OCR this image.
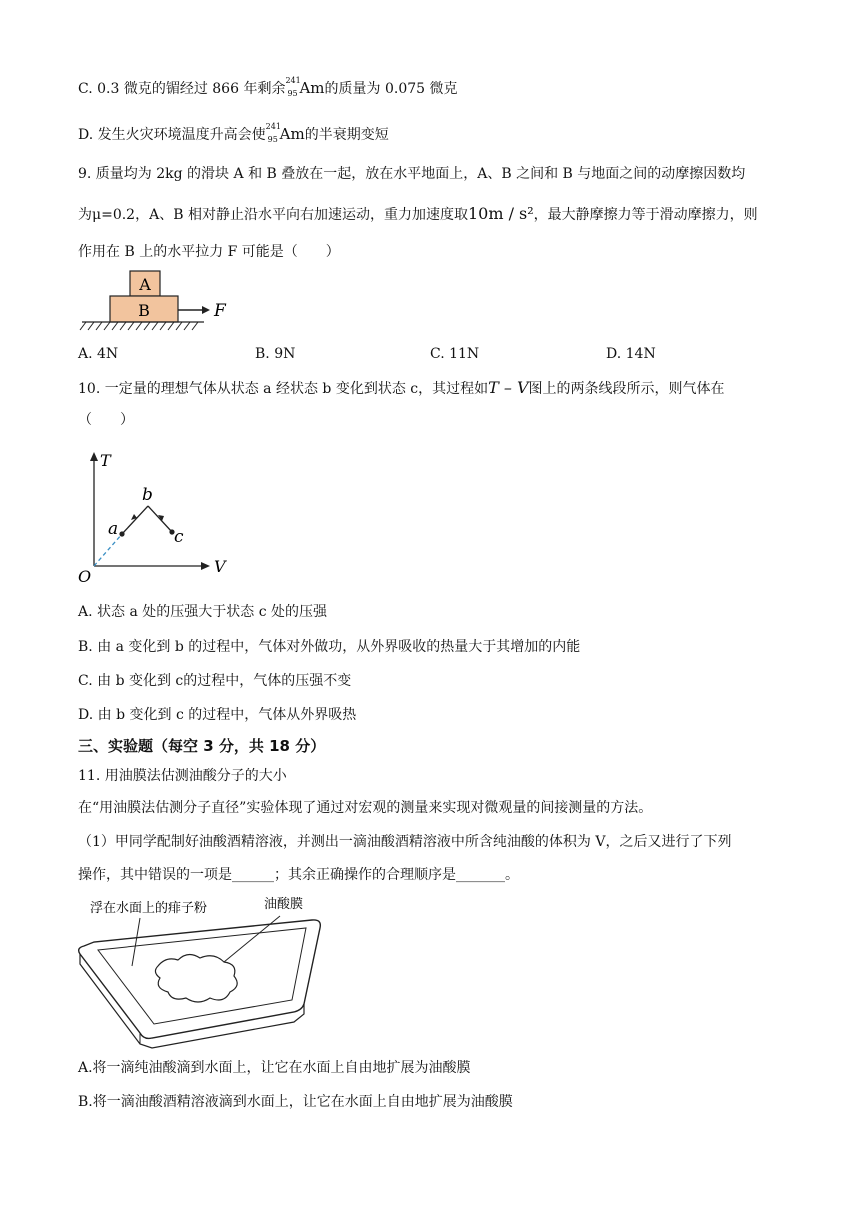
C. 0.3 微克的镅经过 866 年剩余
241
95 Am的质量为 0.075 微克
D. 发生火灾环境温度升高会使
241
95 Am的半衰期变短
9. 质量均为 2kg 的滑块 A 和 B 叠放在一起，放在水平地面上，A、B 之间和 B 与地面之间的动摩擦因数均
为μ=0.2，A、B 相对静止沿水平向右加速运动，重力加速度取10m / s²，最大静摩擦力等于滑动摩擦力，则
作用在 B 上的水平拉力 F 可能是（　　）
A
B	F
A. 4N	B. 9N	C. 11N	D. 14N
10. 一定量的理想气体从状态 a 经状态 b 变化到状态 c，其过程如T – V图上的两条线段所示，则气体在
（　　）
T
V
O
a
b
c
A. 状态 a 处的压强大于状态 c 处的压强
B. 由 a 变化到 b 的过程中，气体对外做功，从外界吸收的热量大于其增加的内能
C. 由 b 变化到 c的过程中，气体的压强不变
D. 由 b 变化到 c 的过程中，气体从外界吸热
三、实验题（每空 3 分，共 18 分）
11. 用油膜法估测油酸分子的大小
在“用油膜法估测分子直径”实验体现了通过对宏观的测量来实现对微观量的间接测量的方法。
（1）甲同学配制好油酸酒精溶液，并测出一滴油酸酒精溶液中所含纯油酸的体积为 V，之后又进行了下列
操作，其中错误的一项是______；其余正确操作的合理顺序是_______。
浮在水面上的痱子粉	油酸膜
A.将一滴纯油酸滴到水面上，让它在水面上自由地扩展为油酸膜
B.将一滴油酸酒精溶液滴到水面上，让它在水面上自由地扩展为油酸膜
